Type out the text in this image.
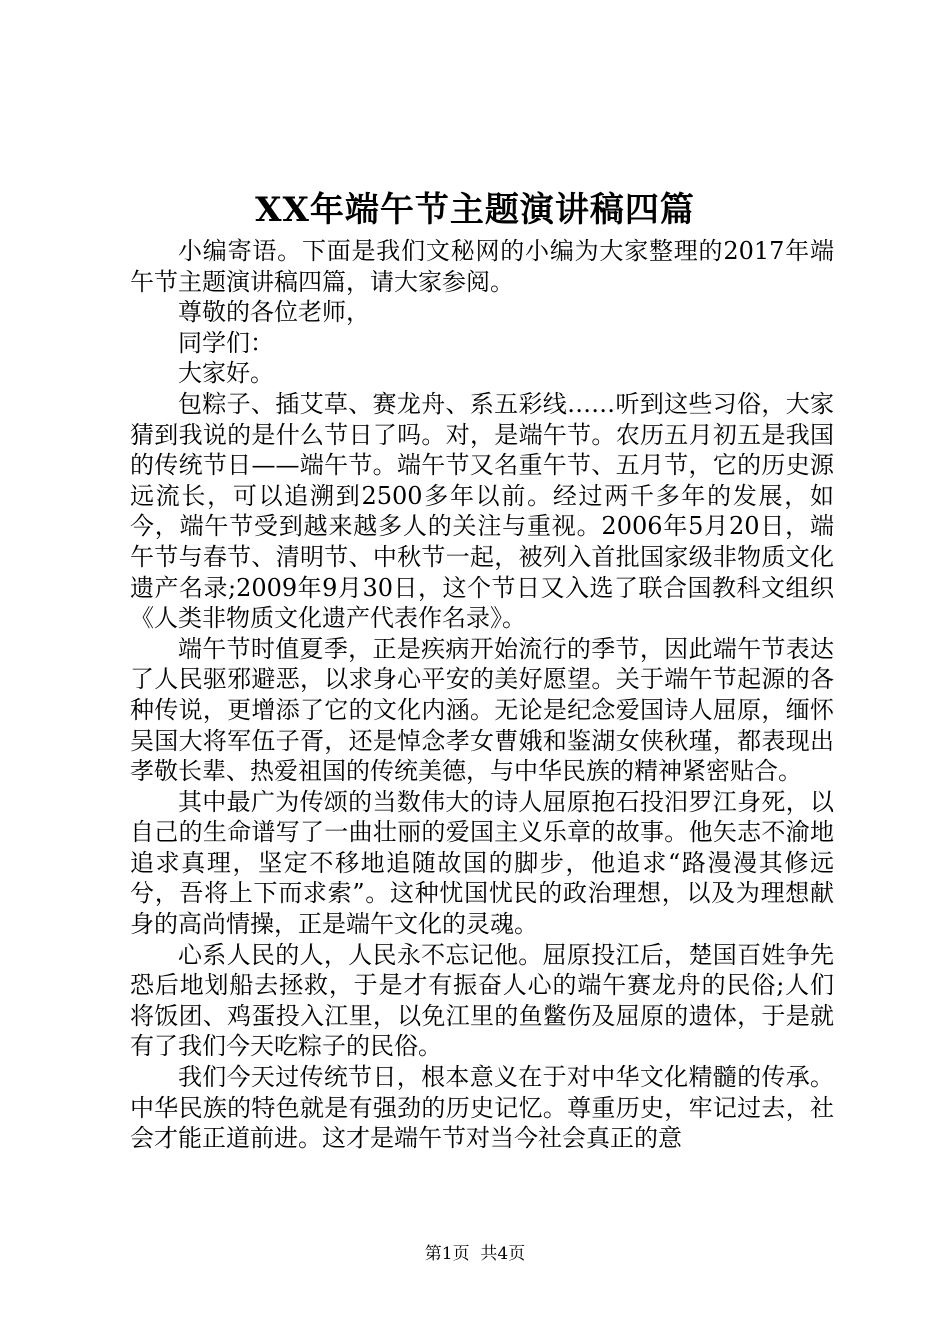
XX年端午节主题演讲稿四篇

小编寄语。下面是我们文秘网的小编为大家整理的2017年端午节主题演讲稿四篇，请大家参阅。

尊敬的各位老师，

同学们：

大家好。

包粽子、插艾草、赛龙舟、系五彩线……听到这些习俗，大家猜到我说的是什么节日了吗。对，是端午节。农历五月初五是我国的传统节日——端午节。端午节又名重午节、五月节，它的历史源远流长，可以追溯到2500多年以前。经过两千多年的发展，如今，端午节受到越来越多人的关注与重视。2006年5月20日，端午节与春节、清明节、中秋节一起，被列入首批国家级非物质文化遗产名录;2009年9月30日，这个节日又入选了联合国教科文组织《人类非物质文化遗产代表作名录》。

端午节时值夏季，正是疾病开始流行的季节，因此端午节表达了人民驱邪避恶，以求身心平安的美好愿望。关于端午节起源的各种传说，更增添了它的文化内涵。无论是纪念爱国诗人屈原，缅怀吴国大将军伍子胥，还是悼念孝女曹娥和鉴湖女侠秋瑾，都表现出孝敬长辈、热爱祖国的传统美德，与中华民族的精神紧密贴合。

其中最广为传颂的当数伟大的诗人屈原抱石投汨罗江身死，以自己的生命谱写了一曲壮丽的爱国主义乐章的故事。他矢志不渝地追求真理，坚定不移地追随故国的脚步，他追求“路漫漫其修远兮，吾将上下而求索”。这种忧国忧民的政治理想，以及为理想献身的高尚情操，正是端午文化的灵魂。

心系人民的人，人民永不忘记他。屈原投江后，楚国百姓争先恐后地划船去拯救，于是才有振奋人心的端午赛龙舟的民俗;人们将饭团、鸡蛋投入江里，以免江里的鱼鳖伤及屈原的遗体，于是就有了我们今天吃粽子的民俗。

我们今天过传统节日，根本意义在于对中华文化精髓的传承。中华民族的特色就是有强劲的历史记忆。尊重历史，牢记过去，社会才能正道前进。这才是端午节对当今社会真正的意

第1页 共4页
